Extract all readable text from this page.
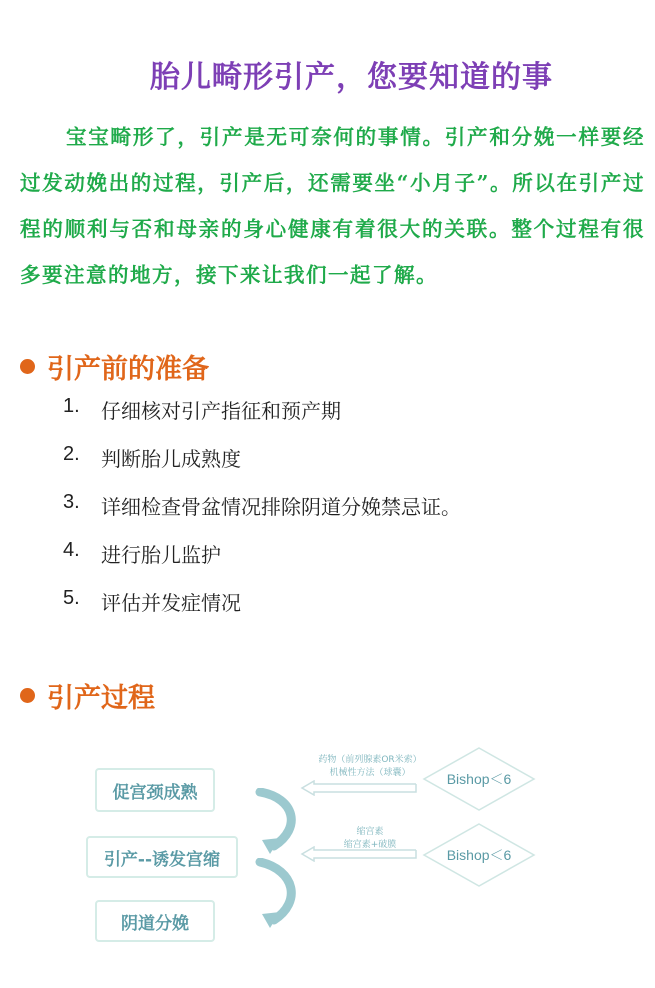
胎儿畸形引产，您要知道的事

宝宝畸形了，引产是无可奈何的事情。引产和分娩一样要经过发动娩出的过程，引产后，还需要坐“小月子”。所以在引产过程的顺利与否和母亲的身心健康有着很大的关联。整个过程有很多要注意的地方，接下来让我们一起了解。

引产前的准备
1.	仔细核对引产指征和预产期
2.	判断胎儿成熟度
3.	详细检查骨盆情况排除阴道分娩禁忌证。
4.	进行胎儿监护
5.	评估并发症情况
引产过程
促宫颈成熟
引产--诱发宫缩
阴道分娩
药物（前列腺素OR米索）
机械性方法（球囊）
缩宫素
缩宫素+破膜
Bishop＜6
Bishop＜6
